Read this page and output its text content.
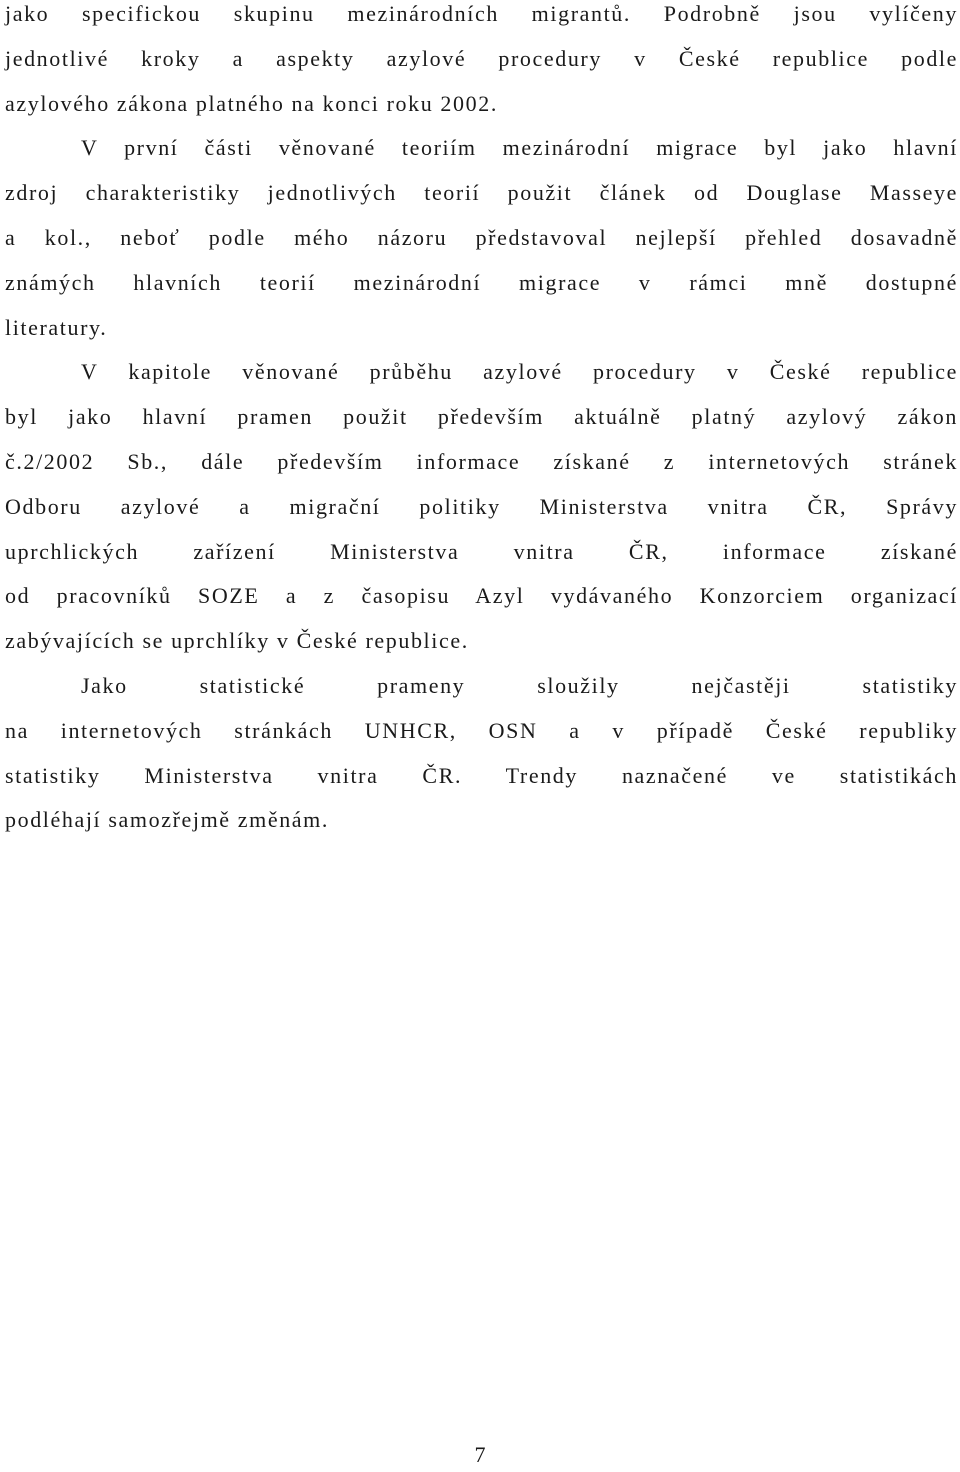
jako specifickou skupinu mezinárodních migrantů. Podrobně jsou vylíčeny
jednotlivé kroky a aspekty azylové procedury v České republice podle
azylového zákona platného na konci roku 2002.
V první části věnované teoriím mezinárodní migrace byl jako hlavní
zdroj charakteristiky jednotlivých teorií použit článek od Douglase Masseye
a kol., neboť podle mého názoru představoval nejlepší přehled dosavadně
známých hlavních teorií mezinárodní migrace v rámci mně dostupné
literatury.
V kapitole věnované průběhu azylové procedury v České republice
byl jako hlavní pramen použit především aktuálně platný azylový zákon
č.2/2002 Sb., dále především informace získané z internetových stránek
Odboru azylové a migrační politiky Ministerstva vnitra ČR, Správy
uprchlických zařízení Ministerstva vnitra ČR, informace získané
od pracovníků SOZE a z časopisu Azyl vydávaného Konzorciem organizací
zabývajících se uprchlíky v České republice.
Jako statistické prameny sloužily nejčastěji statistiky
na internetových stránkách UNHCR, OSN a v případě České republiky
statistiky Ministerstva vnitra ČR. Trendy naznačené ve statistikách
podléhají samozřejmě změnám.
7
